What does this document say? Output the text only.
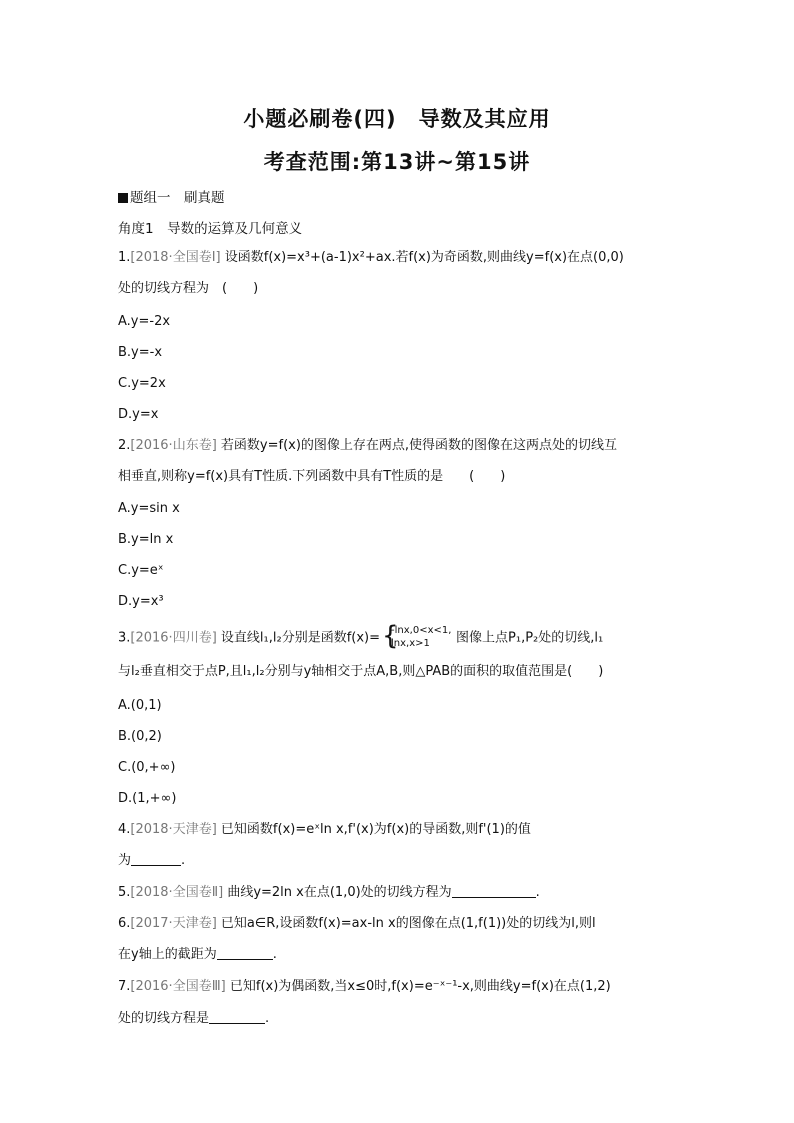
小题必刷卷(四)　导数及其应用
考查范围:第13讲~第15讲
题组一　刷真题
角度1　导数的运算及几何意义
1.[2018·全国卷Ⅰ] 设函数f(x)=x³+(a-1)x²+ax.若f(x)为奇函数,则曲线y=f(x)在点(0,0)
处的切线方程为　(　　)
A.y=-2x
B.y=-x
C.y=2x
D.y=x
2.[2016·山东卷] 若函数y=f(x)的图像上存在两点,使得函数的图像在这两点处的切线互
相垂直,则称y=f(x)具有T性质.下列函数中具有T性质的是　　(　　)
A.y=sin x
B.y=ln x
C.y=eˣ
D.y=x³
3.[2016·四川卷] 设直线l₁,l₂分别是函数f(x)= {
-lnx,0<x<1,
lnx,x>1 图像上点P₁,P₂处的切线,l₁
与l₂垂直相交于点P,且l₁,l₂分别与y轴相交于点A,B,则△PAB的面积的取值范围是(　　)
A.(0,1)
B.(0,2)
C.(0,+∞)
D.(1,+∞)
4.[2018·天津卷] 已知函数f(x)=eˣln x,f'(x)为f(x)的导函数,则f'(1)的值
为	.
5.[2018·全国卷Ⅱ] 曲线y=2ln x在点(1,0)处的切线方程为	.
6.[2017·天津卷] 已知a∈R,设函数f(x)=ax-ln x的图像在点(1,f(1))处的切线为l,则l
在y轴上的截距为	.
7.[2016·全国卷Ⅲ] 已知f(x)为偶函数,当x≤0时,f(x)=e⁻ˣ⁻¹-x,则曲线y=f(x)在点(1,2)
处的切线方程是	.
